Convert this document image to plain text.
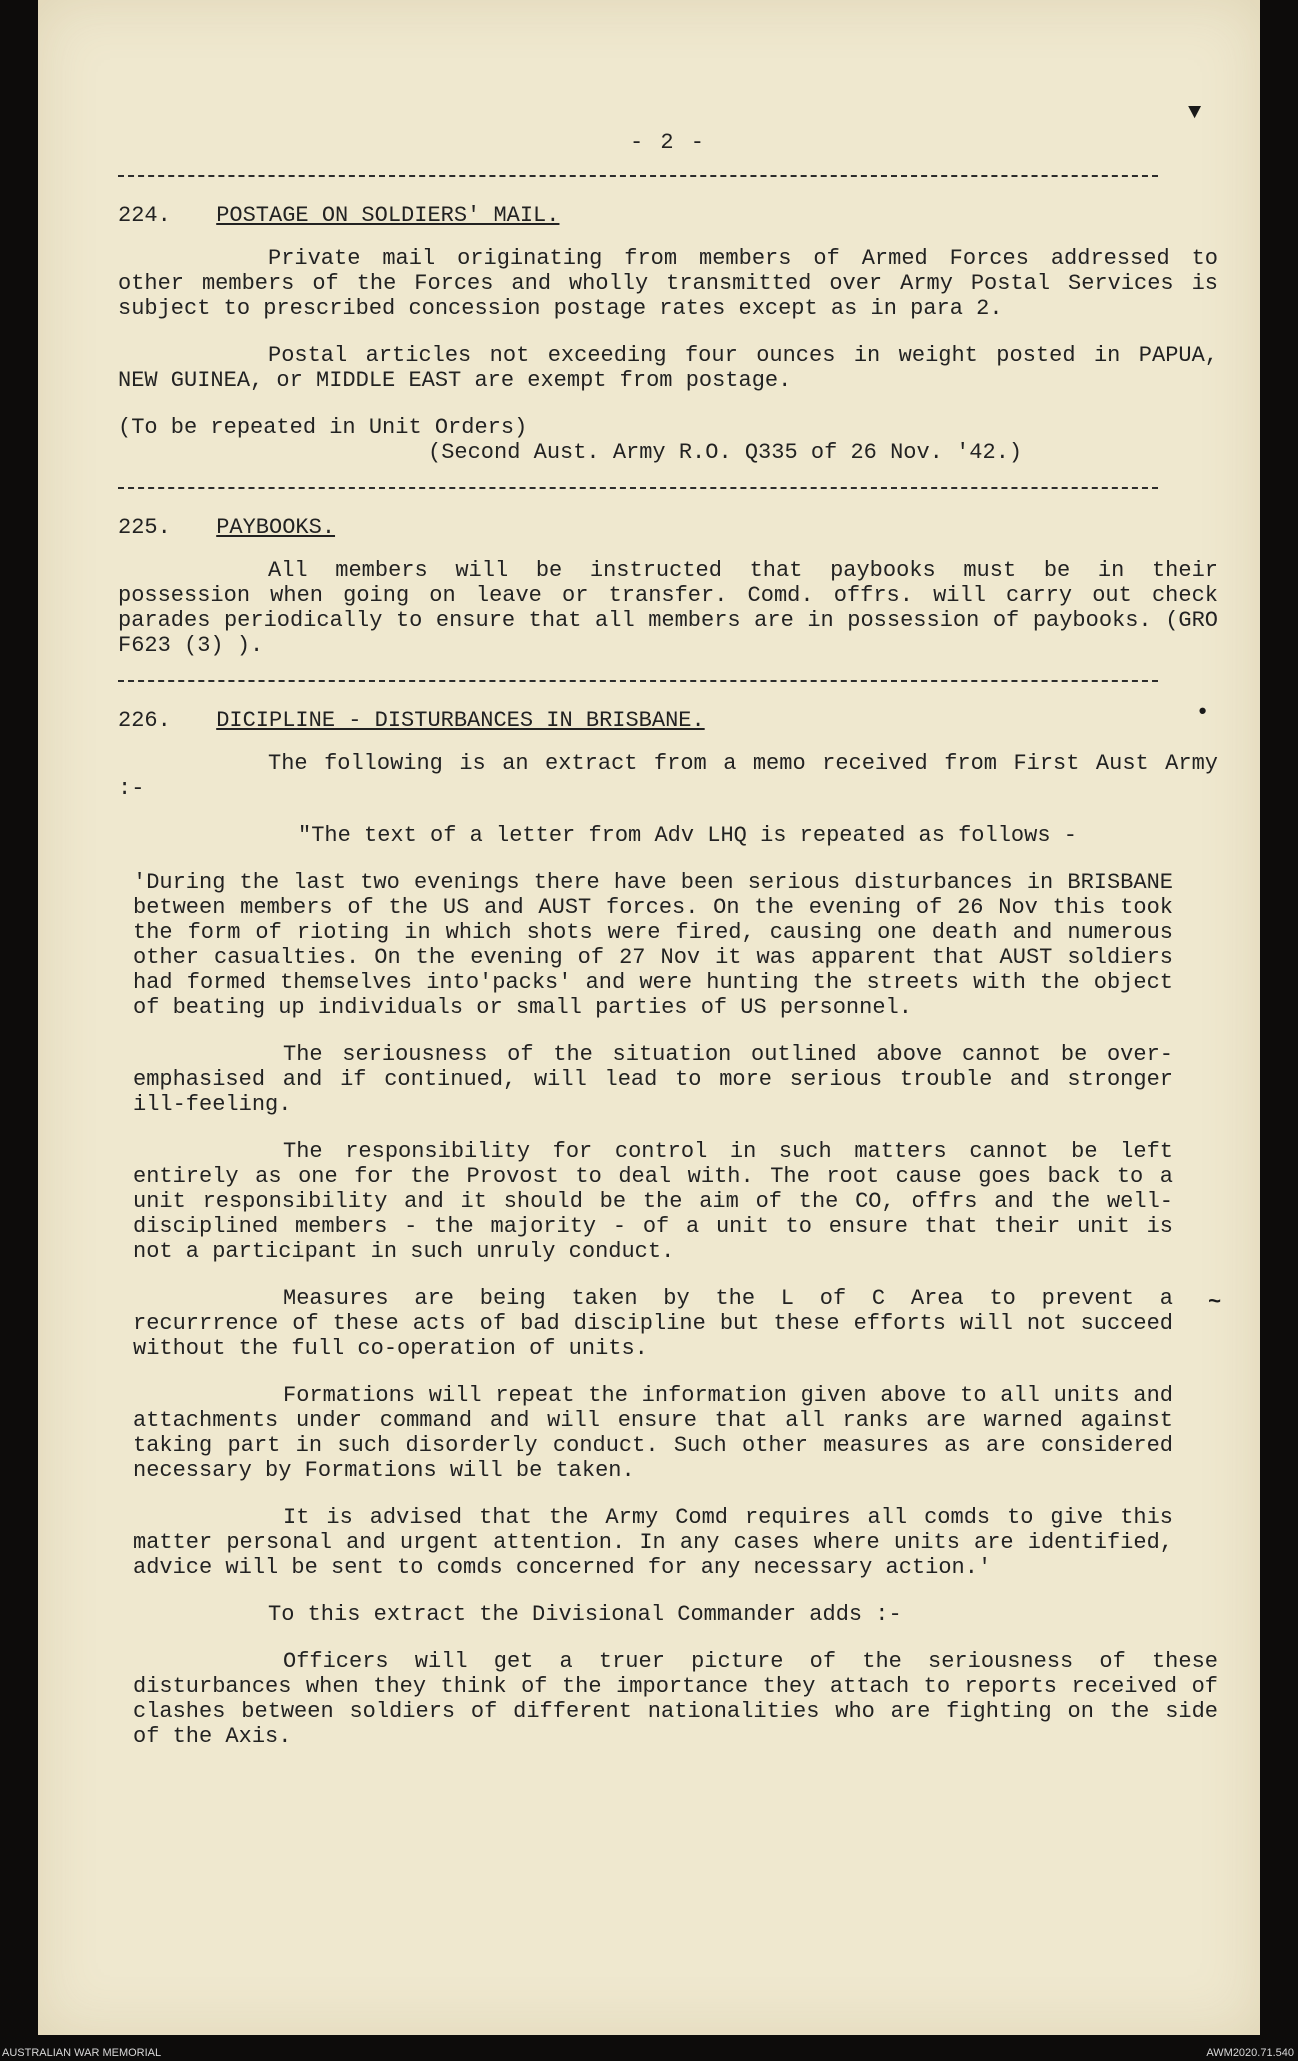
▼
•
~
- 2 -
224. POSTAGE ON SOLDIERS' MAIL.

Private mail originating from members of Armed Forces addressed to other members of the Forces and wholly transmitted over Army Postal Services is subject to prescribed concession postage rates except as in para 2.

Postal articles not exceeding four ounces in weight posted in PAPUA, NEW GUINEA, or MIDDLE EAST are exempt from postage.

(To be repeated in Unit Orders)

(Second Aust. Army R.O. Q335 of 26 Nov. '42.)

225. PAYBOOKS.

All members will be instructed that paybooks must be in their possession when going on leave or transfer. Comd. offrs. will carry out check parades periodically to ensure that all members are in possession of paybooks. (GRO F623 (3) ).

226. DICIPLINE - DISTURBANCES IN BRISBANE.

The following is an extract from a memo received from First Aust Army :-

"The text of a letter from Adv LHQ is repeated as follows -

'During the last two evenings there have been serious disturbances in BRISBANE between members of the US and AUST forces. On the evening of 26 Nov this took the form of rioting in which shots were fired, causing one death and numerous other casualties. On the evening of 27 Nov it was apparent that AUST soldiers had formed themselves into'packs' and were hunting the streets with the object of beating up individuals or small parties of US personnel.

The seriousness of the situation outlined above cannot be over-emphasised and if continued, will lead to more serious trouble and stronger ill-feeling.

The responsibility for control in such matters cannot be left entirely as one for the Provost to deal with. The root cause goes back to a unit responsibility and it should be the aim of the CO, offrs and the well-disciplined members - the majority - of a unit to ensure that their unit is not a participant in such unruly conduct.

Measures are being taken by the L of C Area to prevent a recurrrence of these acts of bad discipline but these efforts will not succeed without the full co-operation of units.

Formations will repeat the information given above to all units and attachments under command and will ensure that all ranks are warned against taking part in such disorderly conduct. Such other measures as are considered necessary by Formations will be taken.

It is advised that the Army Comd requires all comds to give this matter personal and urgent attention. In any cases where units are identified, advice will be sent to comds concerned for any necessary action.'

To this extract the Divisional Commander adds :-

Officers will get a truer picture of the seriousness of these disturbances when they think of the importance they attach to reports received of clashes between soldiers of different nationalities who are fighting on the side of the Axis.

AUSTRALIAN WAR MEMORIAL	AWM2020.71.540
